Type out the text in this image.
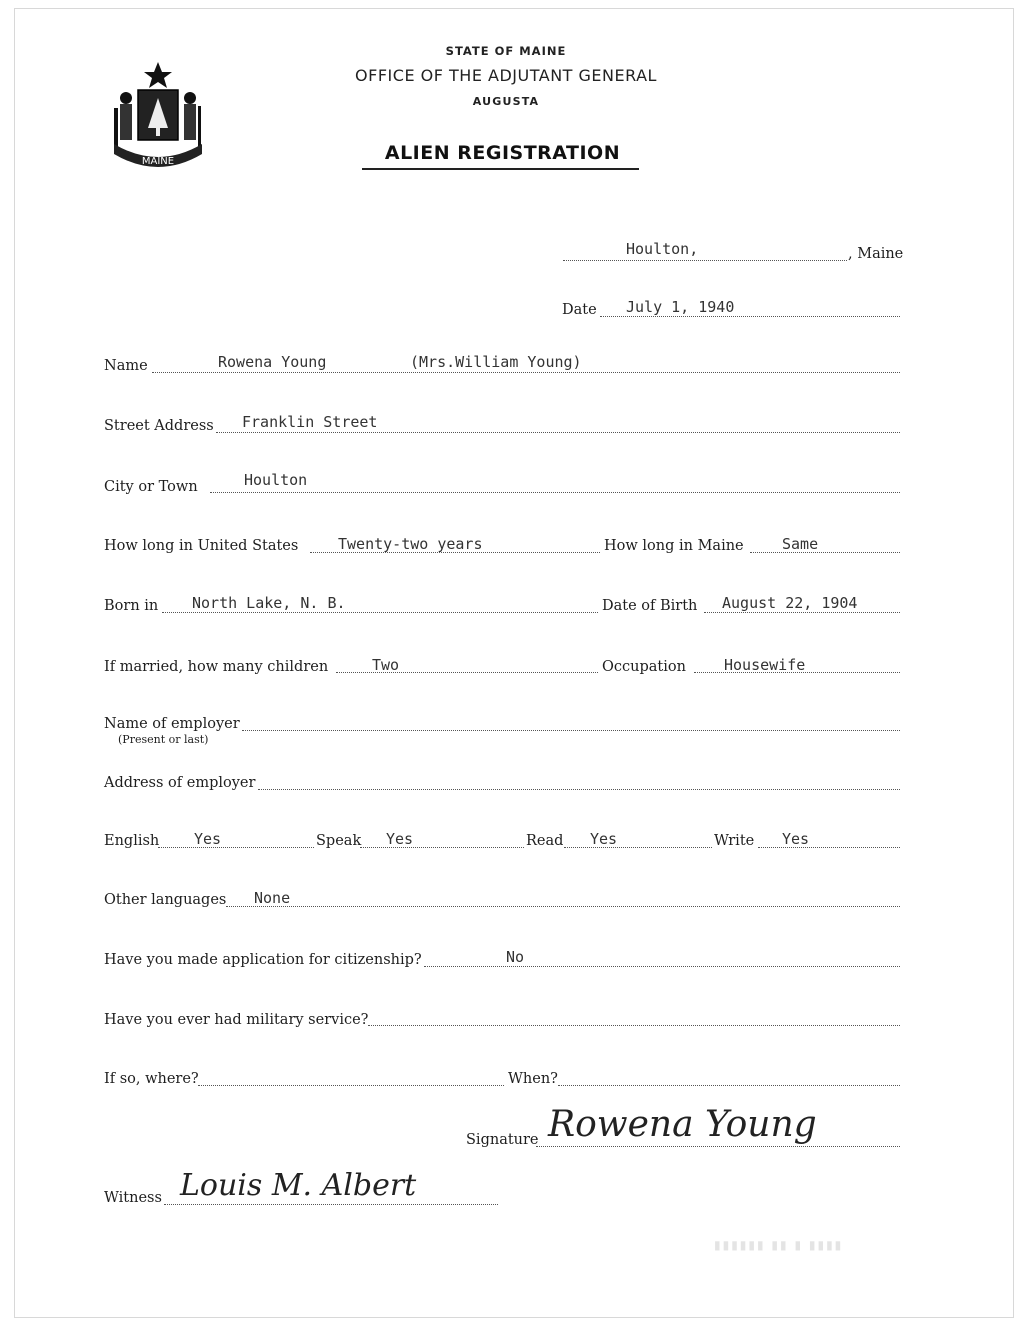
MAINE
STATE OF MAINE
OFFICE OF THE ADJUTANT GENERAL
AUGUSTA
ALIEN REGISTRATION
Houlton,	, Maine
Date July 1, 1940
Name	Rowena Young	(Mrs.William Young)
Street Address Franklin Street
City or Town	Houlton
How long in United States	Twenty-two years	How long in Maine	Same
Born in North Lake, N. B.	Date of Birth August 22, 1904
If married, how many children	Two	Occupation	Housewife
Name of employer
(Present or last)
Address of employer
English Yes	Speak Yes	Read Yes	Write Yes
Other languages None
Have you made application for citizenship?	No
Have you ever had military service?
If so, where?	When?
Signature Rowena Young
Witness Louis M. Albert
▮▮▮▮▮▮ ▮▮ ▮ ▮▮▮▮
